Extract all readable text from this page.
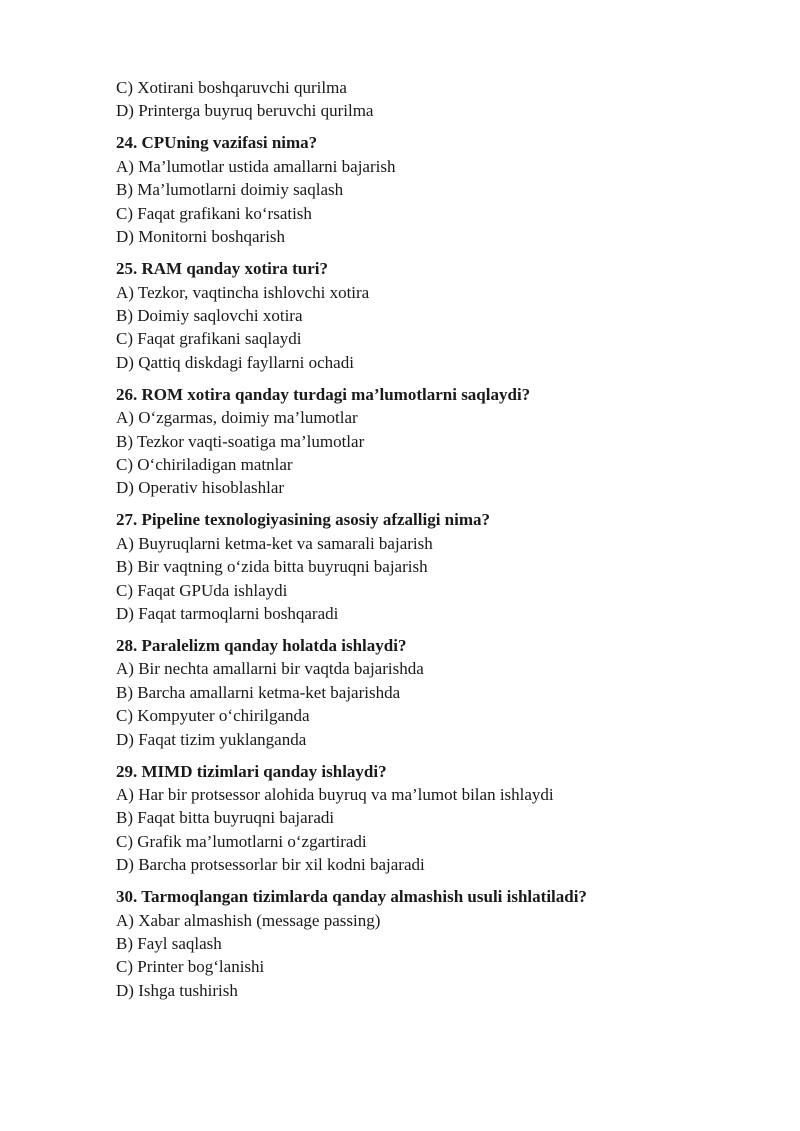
C) Xotirani boshqaruvchi qurilma
D) Printerga buyruq beruvchi qurilma
24. CPUning vazifasi nima?
A) Ma’lumotlar ustida amallarni bajarish
B) Ma’lumotlarni doimiy saqlash
C) Faqat grafikani ko‘rsatish
D) Monitorni boshqarish
25. RAM qanday xotira turi?
A) Tezkor, vaqtincha ishlovchi xotira
B) Doimiy saqlovchi xotira
C) Faqat grafikani saqlaydi
D) Qattiq diskdagi fayllarni ochadi
26. ROM xotira qanday turdagi ma’lumotlarni saqlaydi?
A) O‘zgarmas, doimiy ma’lumotlar
B) Tezkor vaqti-soatiga ma’lumotlar
C) O‘chiriladigan matnlar
D) Operativ hisoblashlar
27. Pipeline texnologiyasining asosiy afzalligi nima?
A) Buyruqlarni ketma-ket va samarali bajarish
B) Bir vaqtning o‘zida bitta buyruqni bajarish
C) Faqat GPUda ishlaydi
D) Faqat tarmoqlarni boshqaradi
28. Paralelizm qanday holatda ishlaydi?
A) Bir nechta amallarni bir vaqtda bajarishda
B) Barcha amallarni ketma-ket bajarishda
C) Kompyuter o‘chirilganda
D) Faqat tizim yuklanganda
29. MIMD tizimlari qanday ishlaydi?
A) Har bir protsessor alohida buyruq va ma’lumot bilan ishlaydi
B) Faqat bitta buyruqni bajaradi
C) Grafik ma’lumotlarni o‘zgartiradi
D) Barcha protsessorlar bir xil kodni bajaradi
30. Tarmoqlangan tizimlarda qanday almashish usuli ishlatiladi?
A) Xabar almashish (message passing)
B) Fayl saqlash
C) Printer bog‘lanishi
D) Ishga tushirish
